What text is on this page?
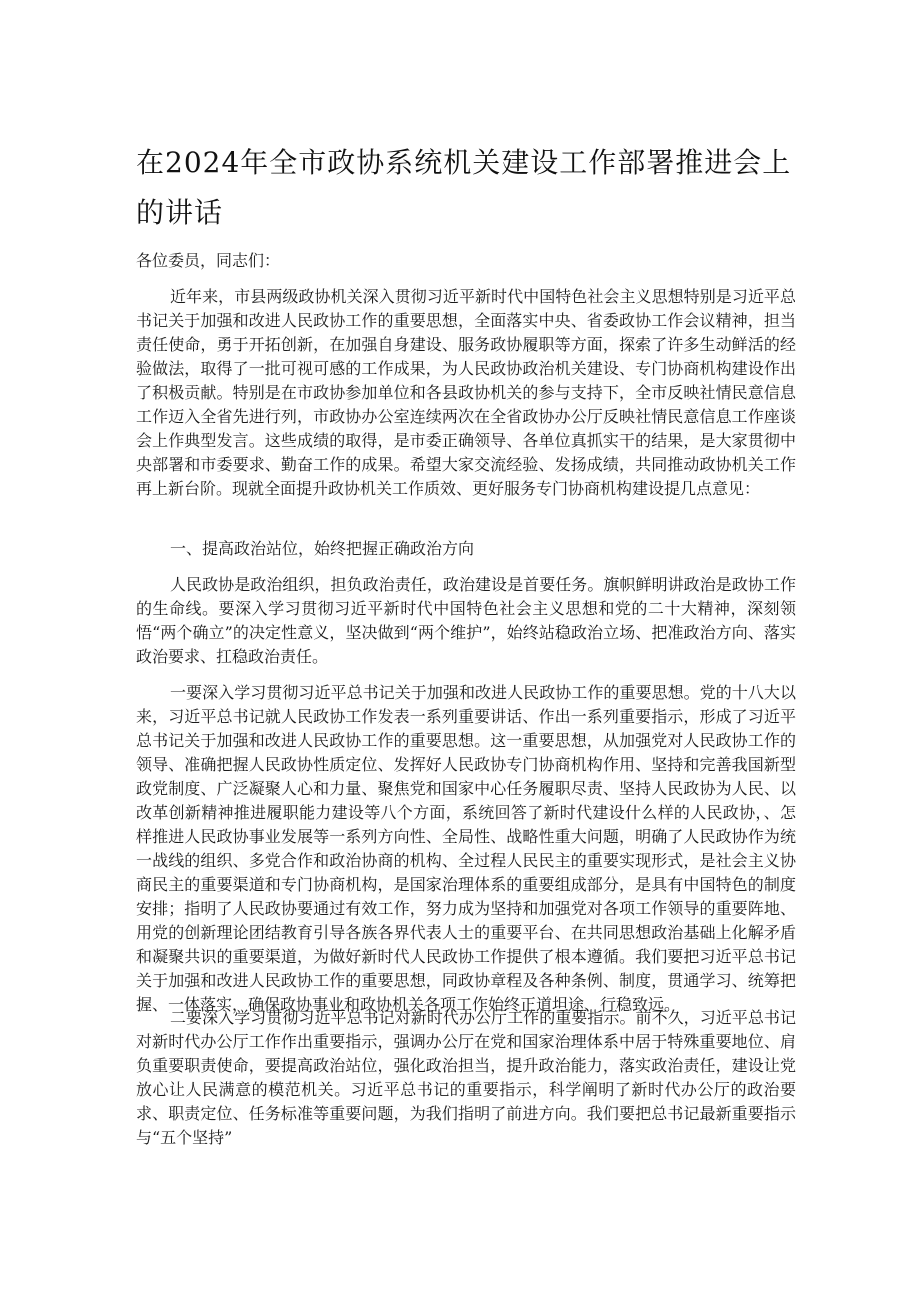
在2024年全市政协系统机关建设工作部署推进会上的讲话

各位委员，同志们：

近年来，市县两级政协机关深入贯彻习近平新时代中国特色社会主义思想特别是习近平总书记关于加强和改进人民政协工作的重要思想，全面落实中央、省委政协工作会议精神，担当责任使命，勇于开拓创新，在加强自身建设、服务政协履职等方面，探索了许多生动鲜活的经验做法，取得了一批可视可感的工作成果，为人民政协政治机关建设、专门协商机构建设作出了积极贡献。特别是在市政协参加单位和各县政协机关的参与支持下，全市反映社情民意信息工作迈入全省先进行列，市政协办公室连续两次在全省政协办公厅反映社情民意信息工作座谈会上作典型发言。这些成绩的取得，是市委正确领导、各单位真抓实干的结果，是大家贯彻中央部署和市委要求、勤奋工作的成果。希望大家交流经验、发扬成绩，共同推动政协机关工作再上新台阶。现就全面提升政协机关工作质效、更好服务专门协商机构建设提几点意见：

一、提高政治站位，始终把握正确政治方向

人民政协是政治组织，担负政治责任，政治建设是首要任务。旗帜鲜明讲政治是政协工作的生命线。要深入学习贯彻习近平新时代中国特色社会主义思想和党的二十大精神，深刻领悟“两个确立”的决定性意义，坚决做到“两个维护”，始终站稳政治立场、把准政治方向、落实政治要求、扛稳政治责任。

一要深入学习贯彻习近平总书记关于加强和改进人民政协工作的重要思想。党的十八大以来，习近平总书记就人民政协工作发表一系列重要讲话、作出一系列重要指示，形成了习近平总书记关于加强和改进人民政协工作的重要思想。这一重要思想，从加强党对人民政协工作的领导、准确把握人民政协性质定位、发挥好人民政协专门协商机构作用、坚持和完善我国新型政党制度、广泛凝聚人心和力量、聚焦党和国家中心任务履职尽责、坚持人民政协为人民、以改革创新精神推进履职能力建设等八个方面，系统回答了新时代建设什么样的人民政协，、怎样推进人民政协事业发展等一系列方向性、全局性、战略性重大问题，明确了人民政协作为统一战线的组织、多党合作和政治协商的机构、全过程人民民主的重要实现形式，是社会主义协商民主的重要渠道和专门协商机构，是国家治理体系的重要组成部分，是具有中国特色的制度安排；指明了人民政协要通过有效工作，努力成为坚持和加强党对各项工作领导的重要阵地、用党的创新理论团结教育引导各族各界代表人士的重要平台、在共同思想政治基础上化解矛盾和凝聚共识的重要渠道，为做好新时代人民政协工作提供了根本遵循。我们要把习近平总书记关于加强和改进人民政协工作的重要思想，同政协章程及各种条例、制度，贯通学习、统筹把握、一体落实，确保政协事业和政协机关各项工作始终正道坦途、行稳致远。

二要深入学习贯彻习近平总书记对新时代办公厅工作的重要指示。前不久，习近平总书记对新时代办公厅工作作出重要指示，强调办公厅在党和国家治理体系中居于特殊重要地位、肩负重要职责使命，要提高政治站位，强化政治担当，提升政治能力，落实政治责任，建设让党放心让人民满意的模范机关。习近平总书记的重要指示，科学阐明了新时代办公厅的政治要求、职责定位、任务标准等重要问题，为我们指明了前进方向。我们要把总书记最新重要指示与“五个坚持”
